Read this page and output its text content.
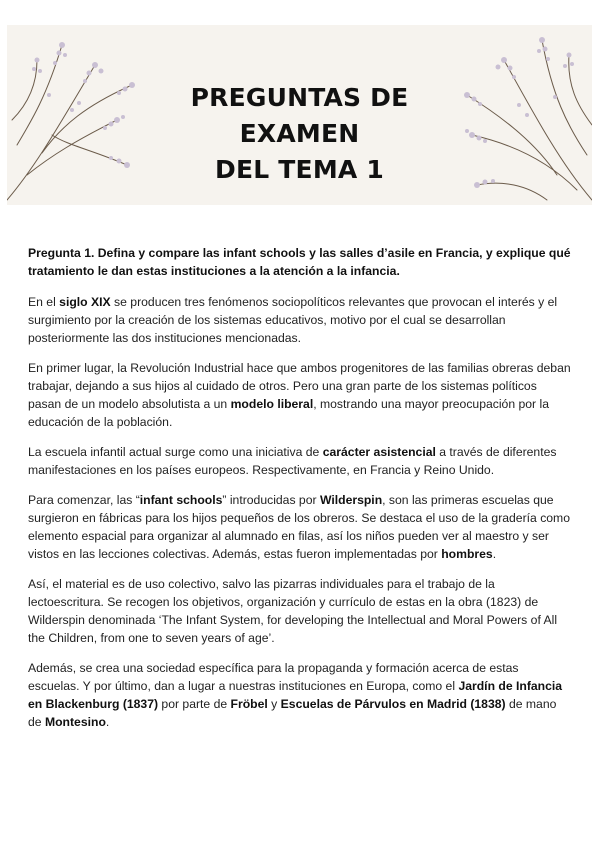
PREGUNTAS DE EXAMEN
DEL TEMA 1

Pregunta 1. Defina y compare las infant schools y las salles d’asile en Francia, y explique qué tratamiento le dan estas instituciones a la atención a la infancia.

En el siglo XIX se producen tres fenómenos sociopolíticos relevantes que provocan el interés y el surgimiento por la creación de los sistemas educativos, motivo por el cual se desarrollan posteriormente las dos instituciones mencionadas.

En primer lugar, la Revolución Industrial hace que ambos progenitores de las familias obreras deban trabajar, dejando a sus hijos al cuidado de otros. Pero una gran parte de los sistemas políticos pasan de un modelo absolutista a un modelo liberal, mostrando una mayor preocupación por la educación de la población.

La escuela infantil actual surge como una iniciativa de carácter asistencial a través de diferentes manifestaciones en los países europeos. Respectivamente, en Francia y Reino Unido.

Para comenzar, las “infant schools” introducidas por Wilderspin, son las primeras escuelas que surgieron en fábricas para los hijos pequeños de los obreros. Se destaca el uso de la gradería como elemento espacial para organizar al alumnado en filas, así los niños pueden ver al maestro y ser vistos en las lecciones colectivas. Además, estas fueron implementadas por hombres.

Así, el material es de uso colectivo, salvo las pizarras individuales para el trabajo de la lectoescritura. Se recogen los objetivos, organización y currículo de estas en la obra (1823) de Wilderspin denominada ‘The Infant System, for developing the Intellectual and Moral Powers of All the Children, from one to seven years of age’.

Además, se crea una sociedad específica para la propaganda y formación acerca de estas escuelas. Y por último, dan a lugar a nuestras instituciones en Europa, como el Jardín de Infancia en Blackenburg (1837) por parte de Fröbel y Escuelas de Párvulos en Madrid (1838) de mano de Montesino.
